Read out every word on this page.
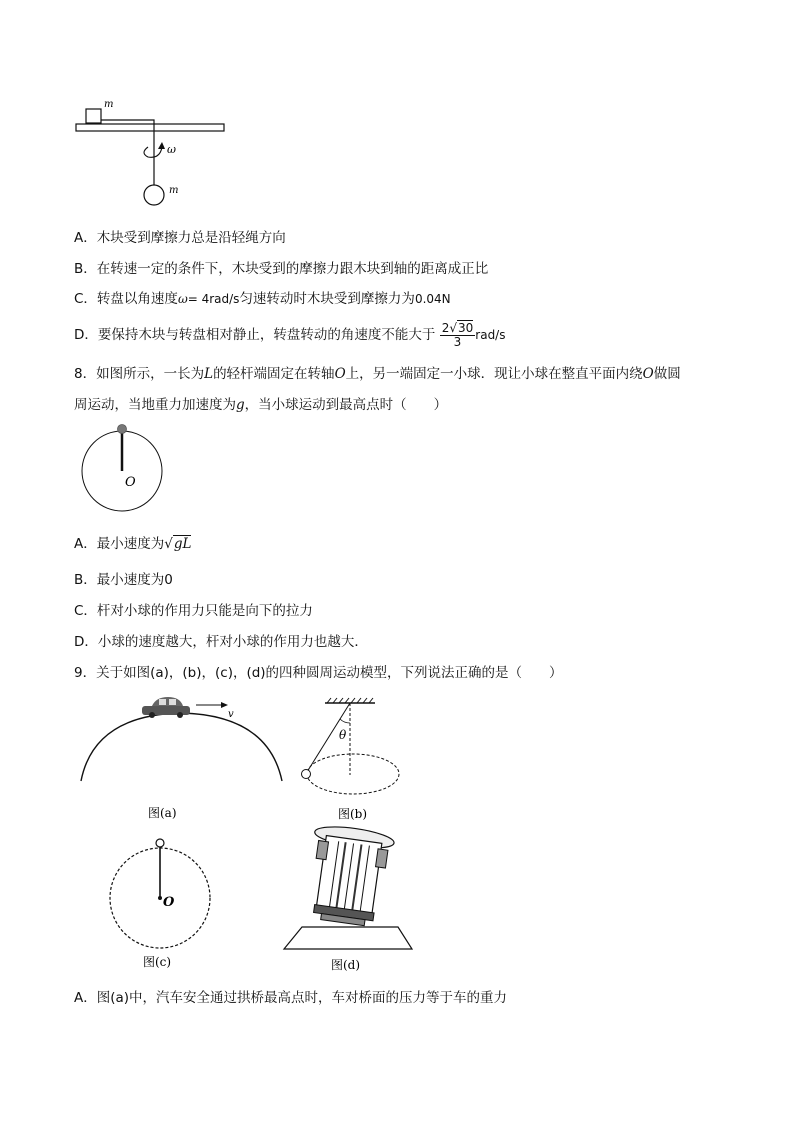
m
ω
m
A．木块受到摩擦力总是沿轻绳方向
B．在转速一定的条件下，木块受到的摩擦力跟木块到轴的距离成正比
C．转盘以角速度ω= 4rad/s匀速转动时木块受到摩擦力为0.04N
D．要保持木块与转盘相对静止，转盘转动的角速度不能大于 $\frac{2√30}{3} rad/s$
8．如图所示，一长为L的轻杆端固定在转轴O上，另一端固定一小球．现让小球在整直平面内绕O做圆
周运动，当地重力加速度为g，当小球运动到最高点时（　　）
O
A．最小速度为√gL
B．最小速度为0
C．杆对小球的作用力只能是向下的拉力
D．小球的速度越大，杆对小球的作用力也越大．
9．关于如图(a)，(b)，(c)，(d)的四种圆周运动模型，下列说法正确的是（　　）
v
图(a)
θ
图(b)
O
图(c)	图(d)
A．图(a)中，汽车安全通过拱桥最高点时，车对桥面的压力等于车的重力
